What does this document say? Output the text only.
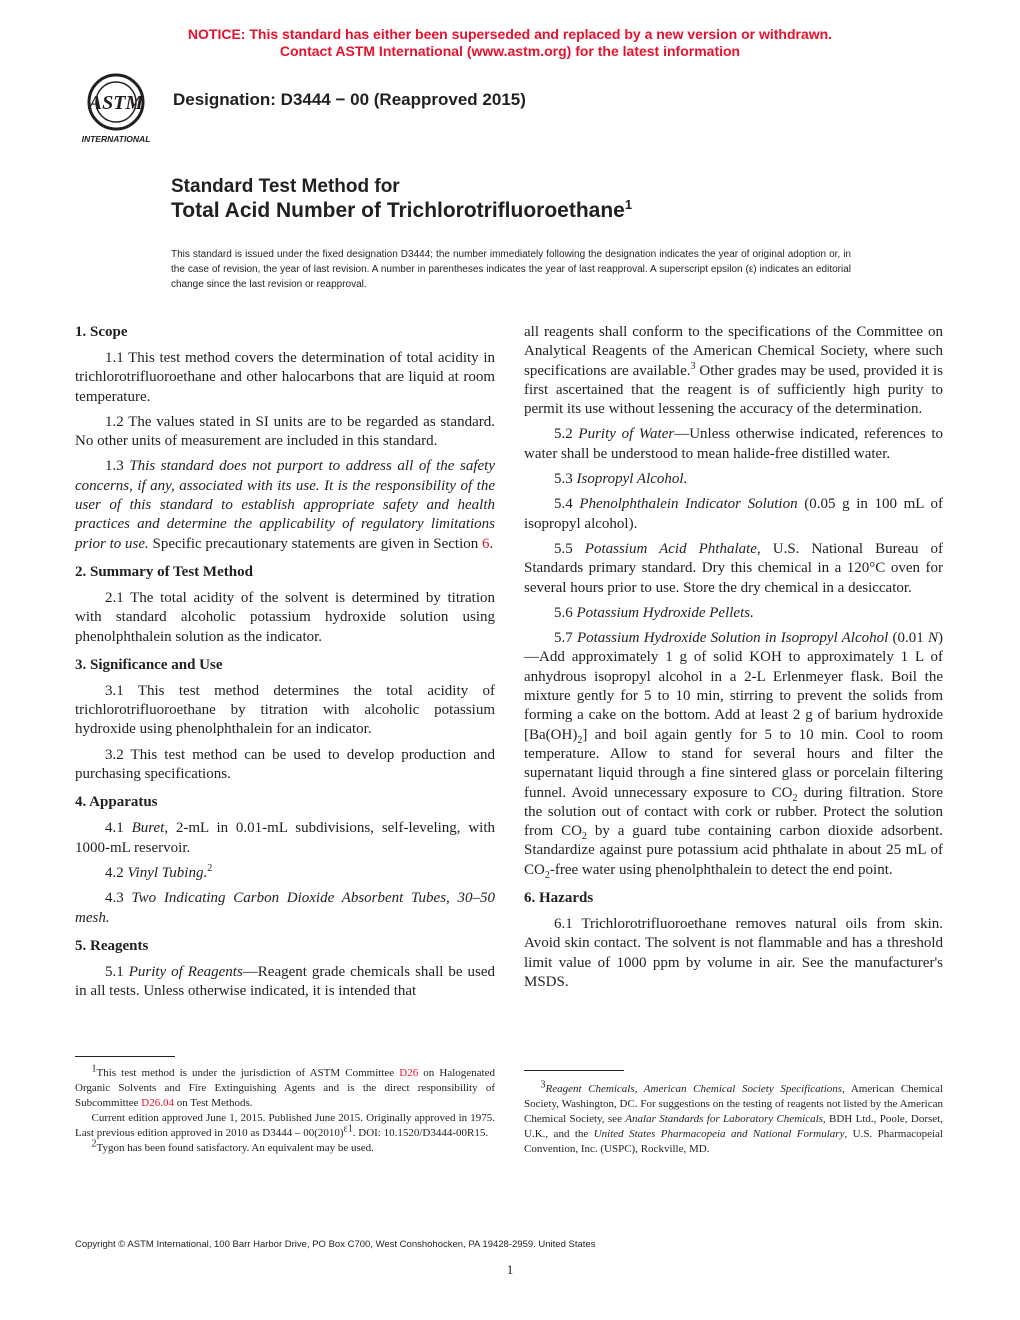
NOTICE: This standard has either been superseded and replaced by a new version or withdrawn.
Contact ASTM International (www.astm.org) for the latest information
ASTM
INTERNATIONAL
Designation: D3444 − 00 (Reapproved 2015)
Standard Test Method for
Total Acid Number of Trichlorotrifluoroethane$^1$
This standard is issued under the fixed designation D3444; the number immediately following the designation indicates the year of original adoption or, in the case of revision, the year of last revision. A number in parentheses indicates the year of last reapproval. A superscript epsilon (ε) indicates an editorial change since the last revision or reapproval.
1. Scope

1.1 This test method covers the determination of total acidity in trichlorotrifluoroethane and other halocarbons that are liquid at room temperature.

1.2 The values stated in SI units are to be regarded as standard. No other units of measurement are included in this standard.

1.3 This standard does not purport to address all of the safety concerns, if any, associated with its use. It is the responsibility of the user of this standard to establish appropriate safety and health practices and determine the applicability of regulatory limitations prior to use. Specific precautionary statements are given in Section 6.

2. Summary of Test Method

2.1 The total acidity of the solvent is determined by titration with standard alcoholic potassium hydroxide solution using phenolphthalein solution as the indicator.

3. Significance and Use

3.1 This test method determines the total acidity of trichlorotrifluoroethane by titration with alcoholic potassium hydroxide using phenolphthalein for an indicator.

3.2 This test method can be used to develop production and purchasing specifications.

4. Apparatus

4.1 Buret, 2-mL in 0.01-mL subdivisions, self-leveling, with 1000-mL reservoir.

4.2 Vinyl Tubing.$^2$

4.3 Two Indicating Carbon Dioxide Absorbent Tubes, 30–50 mesh.

5. Reagents

5.1 Purity of Reagents—Reagent grade chemicals shall be used in all tests. Unless otherwise indicated, it is intended that

all reagents shall conform to the specifications of the Committee on Analytical Reagents of the American Chemical Society, where such specifications are available.$^3$ Other grades may be used, provided it is first ascertained that the reagent is of sufficiently high purity to permit its use without lessening the accuracy of the determination.

5.2 Purity of Water—Unless otherwise indicated, references to water shall be understood to mean halide-free distilled water.

5.3 Isopropyl Alcohol.

5.4 Phenolphthalein Indicator Solution (0.05 g in 100 mL of isopropyl alcohol).

5.5 Potassium Acid Phthalate, U.S. National Bureau of Standards primary standard. Dry this chemical in a 120°C oven for several hours prior to use. Store the dry chemical in a desiccator.

5.6 Potassium Hydroxide Pellets.

5.7 Potassium Hydroxide Solution in Isopropyl Alcohol (0.01 N)—Add approximately 1 g of solid KOH to approximately 1 L of anhydrous isopropyl alcohol in a 2-L Erlenmeyer flask. Boil the mixture gently for 5 to 10 min, stirring to prevent the solids from forming a cake on the bottom. Add at least 2 g of barium hydroxide $[Ba(OH)_2]$ and boil again gently for 5 to 10 min. Cool to room temperature. Allow to stand for several hours and filter the supernatant liquid through a fine sintered glass or porcelain filtering funnel. Avoid unnecessary exposure to $CO_2$ during filtration. Store the solution out of contact with cork or rubber. Protect the solution from $CO_2$ by a guard tube containing carbon dioxide adsorbent. Standardize against pure potassium acid phthalate in about 25 mL of $CO_2$-free water using phenolphthalein to detect the end point.

6. Hazards

6.1 Trichlorotrifluoroethane removes natural oils from skin. Avoid skin contact. The solvent is not flammable and has a threshold limit value of 1000 ppm by volume in air. See the manufacturer's MSDS.

$^1$This test method is under the jurisdiction of ASTM Committee D26 on Halogenated Organic Solvents and Fire Extinguishing Agents and is the direct responsibility of Subcommittee D26.04 on Test Methods.

Current edition approved June 1, 2015. Published June 2015. Originally approved in 1975. Last previous edition approved in 2010 as $D3444 - 00(2010)^{\varepsilon 1}$. DOI: 10.1520/D3444-00R15.

$^2$Tygon has been found satisfactory. An equivalent may be used.

$^3$Reagent Chemicals, American Chemical Society Specifications, American Chemical Society, Washington, DC. For suggestions on the testing of reagents not listed by the American Chemical Society, see Analar Standards for Laboratory Chemicals, BDH Ltd., Poole, Dorset, U.K., and the United States Pharmacopeia and National Formulary, U.S. Pharmacopeial Convention, Inc. (USPC), Rockville, MD.

Copyright © ASTM International, 100 Barr Harbor Drive, PO Box C700, West Conshohocken, PA 19428-2959. United States
1
